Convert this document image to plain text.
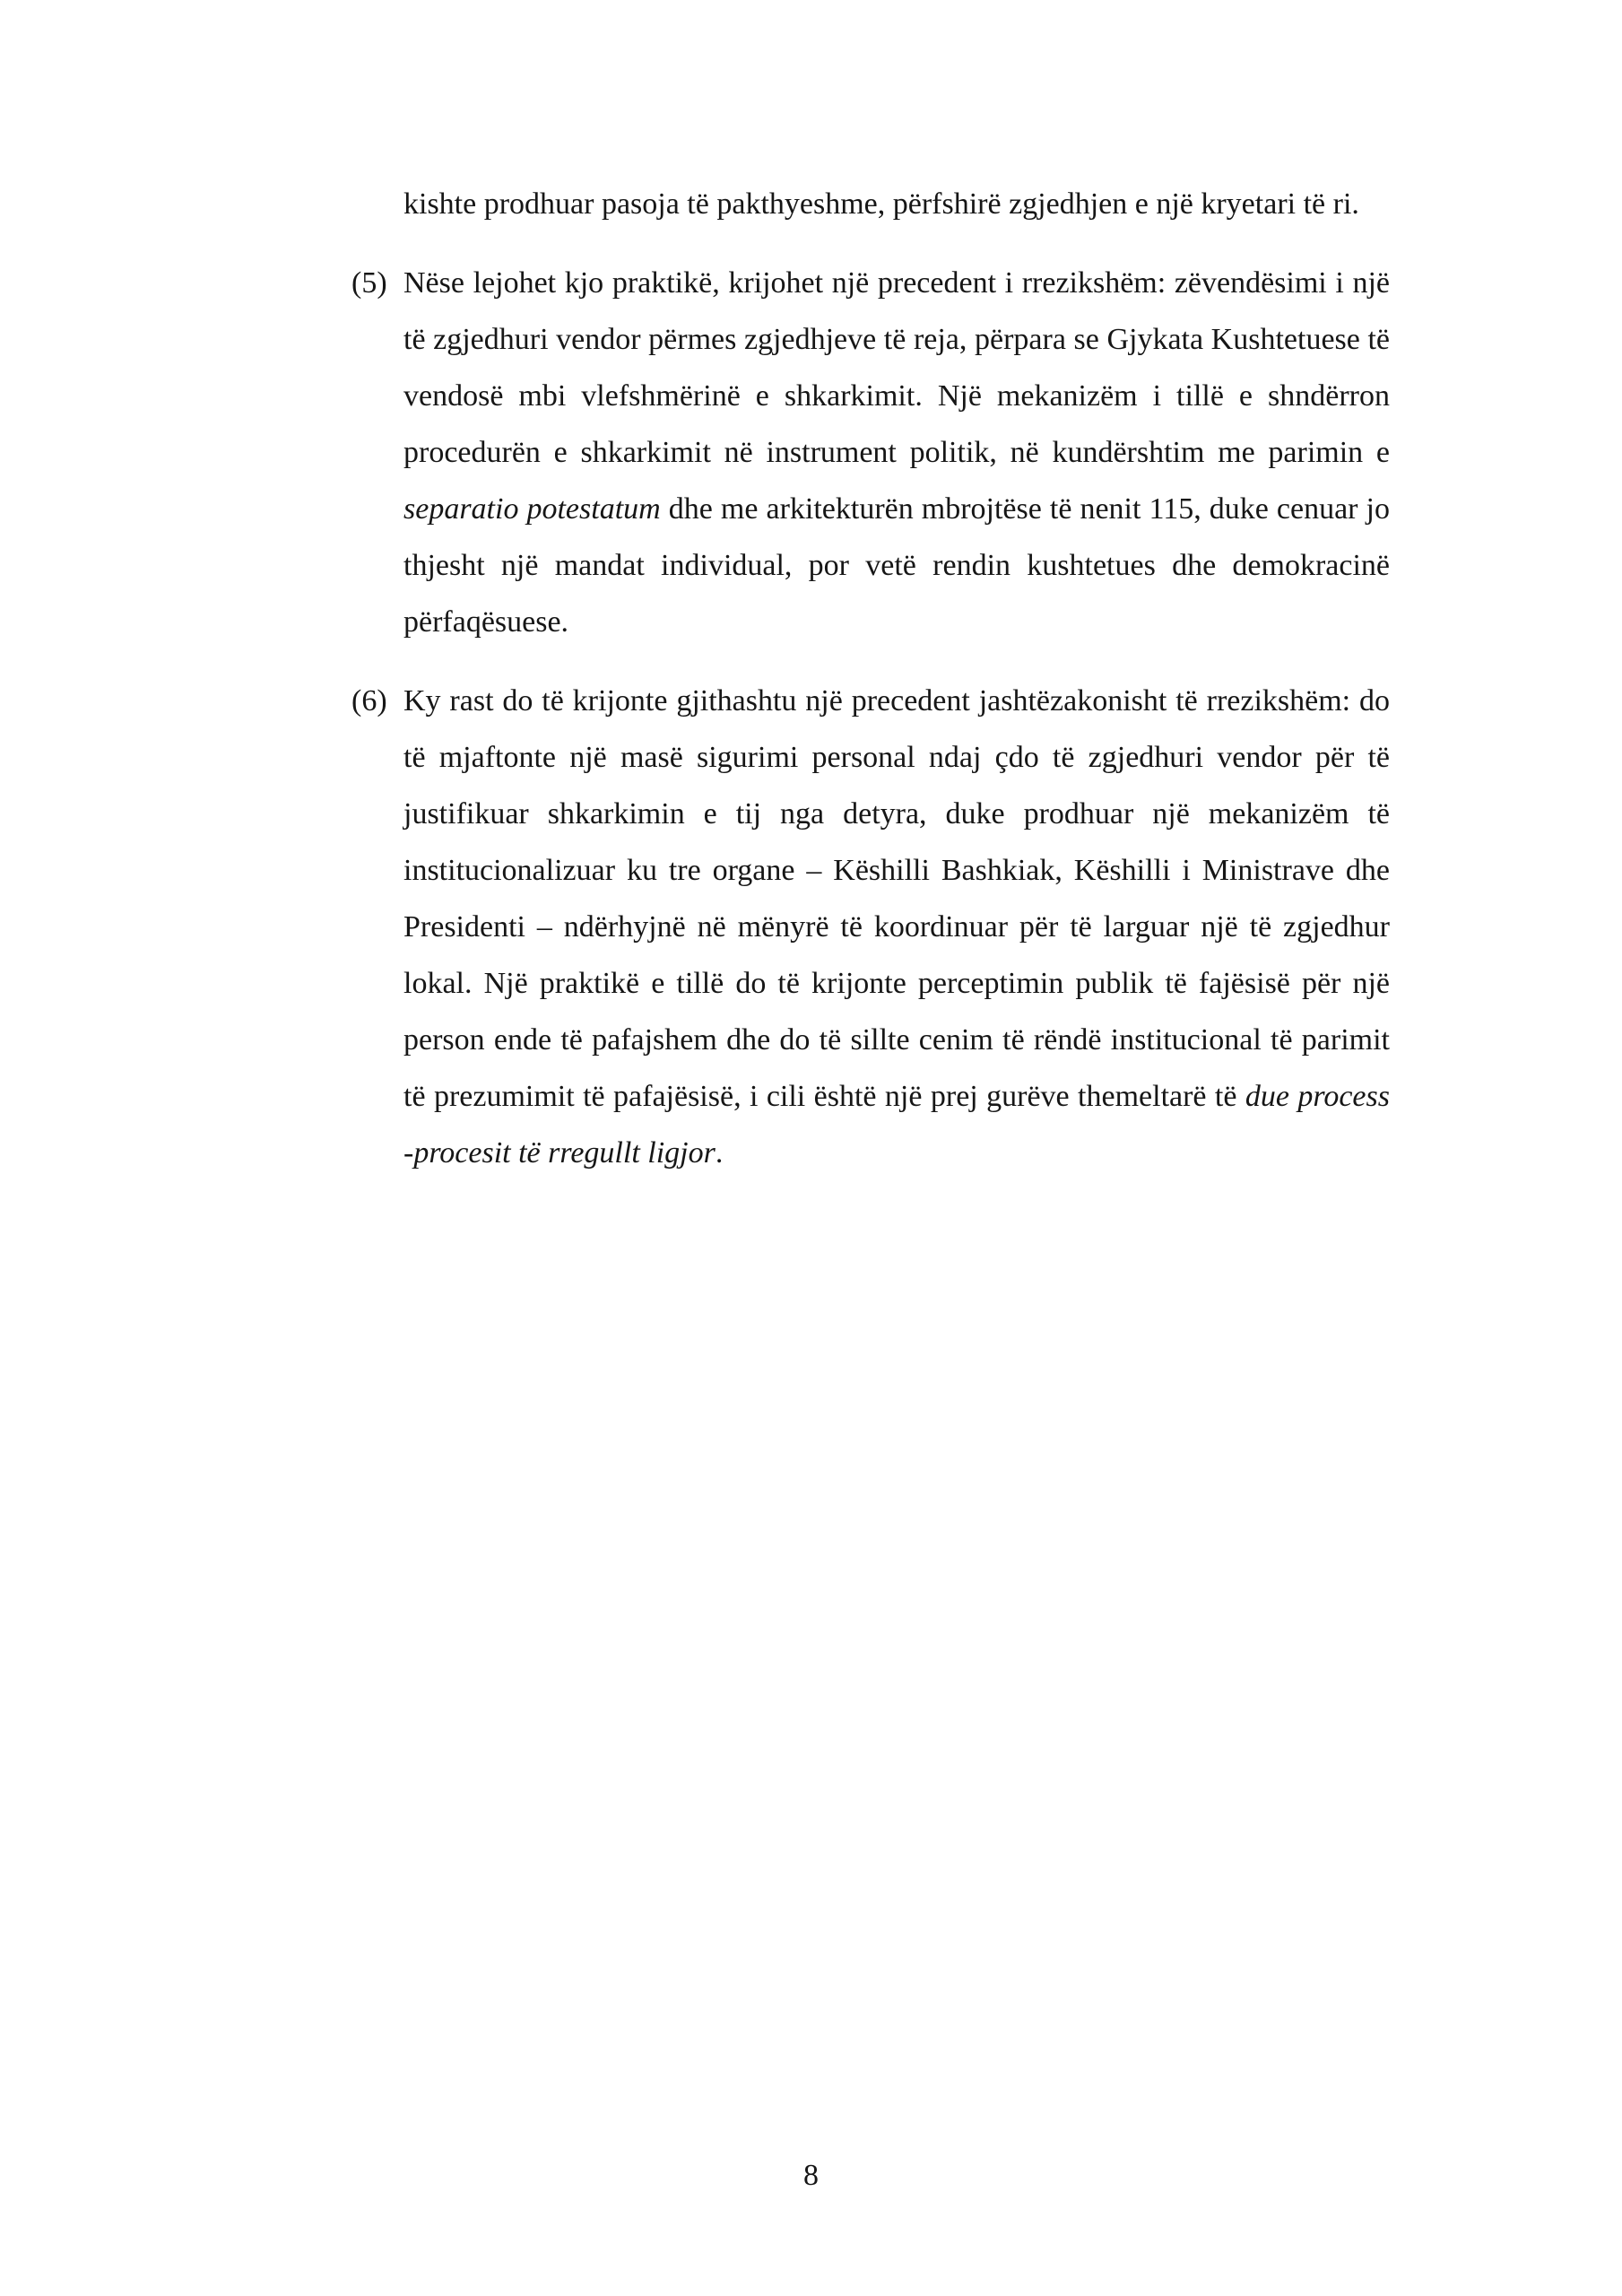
kishte prodhuar pasoja të pakthyeshme, përfshirë zgjedhjen e një kryetari të ri.

(5) Nëse lejohet kjo praktikë, krijohet një precedent i rrezikshëm: zëvendësimi i një të zgjedhuri vendor përmes zgjedhjeve të reja, përpara se Gjykata Kushtetuese të vendosë mbi vlefshmërinë e shkarkimit. Një mekanizëm i tillë e shndërron procedurën e shkarkimit në instrument politik, në kundërshtim me parimin e separatio potestatum dhe me arkitekturën mbrojtëse të nenit 115, duke cenuar jo thjesht një mandat individual, por vetë rendin kushtetues dhe demokracinë përfaqësuese.

(6) Ky rast do të krijonte gjithashtu një precedent jashtëzakonisht të rrezikshëm: do të mjaftonte një masë sigurimi personal ndaj çdo të zgjedhuri vendor për të justifikuar shkarkimin e tij nga detyra, duke prodhuar një mekanizëm të institucionalizuar ku tre organe – Këshilli Bashkiak, Këshilli i Ministrave dhe Presidenti – ndërhyjnë në mënyrë të koordinuar për të larguar një të zgjedhur lokal. Një praktikë e tillë do të krijonte perceptimin publik të fajësisë për një person ende të pafajshem dhe do të sillte cenim të rëndë institucional të parimit të prezumimit të pafajësisë, i cili është një prej gurëve themeltarë të due process -procesit të rregullt ligjor.

8
